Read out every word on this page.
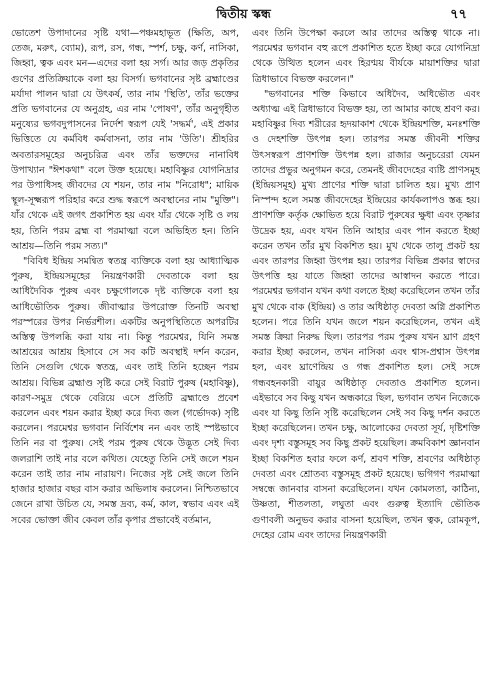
দ্বিতীয় স্কন্ধ	৭৭

ভোতেশ উপাদানের সৃষ্টি যথা—পঞ্চমহাভূত (ক্ষিতি, অপ, তেজ, মরুৎ, ব্যোম), রূপ, রস, গন্ধ, স্পর্শ, চক্ষু, কর্ণ, নাসিকা, জিহ্বা, ত্বক এবং মন—এদের বলা হয় সর্গ। আর জড় প্রকৃতির গুণের প্রতিক্রিয়াকে বলা হয় বিসর্গ। ভগবানের সৃষ্ট ব্রহ্মাণ্ডের মর্যাদা পালন দ্বারা যে উৎকর্ষ, তার নাম 'স্থিতি', তাঁর ভক্তের প্রতি ভগবানের যে অনুগ্রহ, এর নাম 'পোষণ', তাঁর অনুগৃহীত মনুষ্যের ভগবদুপাসনের নির্দেশ স্বরূপ যেই 'সদ্ধর্ম', এই প্রকার ভিত্তিতে যে কর্মবিধ কর্মবাসনা, তার নাম 'উতি'। শ্রীহরির অবতারসমূহের অনুচরিত্র এবং তাঁর ভক্তদের নানাবিধ উপাখ্যান "ঈশকথা" বলে উক্ত হয়েছে। মহাবিষ্ণুর যোগনিদ্রার পর উপাধিসহ জীবদের যে শয়ন, তার নাম "নিরোধ"; মায়িক স্থূল-সূক্ষ্মরূপ পরিহার করে শুদ্ধ স্বরূপে অবস্থানের নাম "মুক্তি"। যাঁর থেকে এই জগৎ প্রকাশিত হয় এবং যাঁর থেকে সৃষ্টি ও লয় হয়, তিনি পরম ব্রহ্ম বা পরমাত্মা বলে অভিহিত হন। তিনি আশ্রয়—তিনি পরম সত্য।"

"বিবিধ ইন্দ্রিয় সমন্বিত স্বতন্ত্র ব্যক্তিকে বলা হয় আধ্যাত্মিক পুরুষ, ইন্দ্রিয়সমূহের নিয়ন্ত্রণকারী দেবতাকে বলা হয় আধিদৈবিক পুরুষ এবং চক্ষুগোলকে দৃষ্ট ব্যক্তিকে বলা হয় আধিভৌতিক পুরুষ। জীবাত্মার উপরোক্ত তিনটি অবস্থা পরস্পরের উপর নির্ভরশীল। একটির অনুপস্থিতিতে অপরটির অস্তিত্ব উপলব্ধি করা যায় না। কিন্তু পরমেশ্বর, যিনি সমস্ত আশ্রয়ের আশ্রয় হিসাবে সে সব কটি অবস্থাই দর্শন করেন, তিনি সেগুলি থেকে স্বতন্ত্র, এবং তাই তিনি হচ্ছেন পরম আশ্রয়। বিভিন্ন ব্রহ্মাণ্ড সৃষ্টি করে সেই বিরাট পুরুষ (মহাবিষ্ণু), কারণ-সমুদ্র থেকে বেরিয়ে এসে প্রতিটি ব্রহ্মাণ্ডে প্রবেশ করলেন এবং শয়ন করার ইচ্ছা করে দিব্য জল (গর্ভোদক) সৃষ্টি করলেন। পরমেশ্বর ভগবান নির্বিশেষ নন এবং তাই স্পষ্টভাবে তিনি নর বা পুরুষ। সেই পরম পুরুষ থেকে উদ্ভূত সেই দিব্য জলরাশি তাই নার বলে কথিত। যেহেতু তিনি সেই জলে শয়ন করেন তাই তার নাম নারায়ণ। নিজের সৃষ্ট সেই জলে তিনি হাজার হাজার বছর বাস করার অভিলাষ করলেন। নিশ্চিতভাবে জেনে রাখা উচিত যে, সমস্ত দ্রব্য, কর্ম, কাল, স্বভাব এবং এই সবের ভোক্তা জীব কেবল তাঁর কৃপার প্রভাবেই বর্তমান,

এবং তিনি উপেক্ষা করলে আর তাদের অস্তিত্ব থাকে না। পরমেশ্বর ভগবান বহু রূপে প্রকাশিত হতে ইচ্ছা করে যোগনিদ্রা থেকে উত্থিত হলেন এবং হিরণ্ময় বীর্যকে মায়াশক্তির দ্বারা ত্রিধাভাবে বিভক্ত করলেন।"

"ভগবানের শক্তি কিভাবে অধিদৈব, অধিভৌত এবং অধ্যাত্ম এই ত্রিধাভাবে বিভক্ত হয়, তা আমার কাছে শ্রবণ কর। মহাবিষ্ণুর দিব্য শরীরের হৃদয়াকাশ থেকে ইন্দ্রিয়শক্তি, মনঃশক্তি ও দেহশক্তি উৎপন্ন হল। তারপর সমস্ত জীবনী শক্তির উৎসস্বরূপ প্রাণশক্তি উৎপন্ন হল। রাজার অনুচরেরা যেমন তাদের প্রভুর অনুগমন করে, তেমনই জীবদেহের ব্যষ্টি প্রাণসমূহ (ইন্দ্রিয়সমূহ) মুখ্য প্রাণের শক্তি দ্বারা চালিত হয়। মুখ্য প্রাণ নিস্পন্দ হলে সমস্ত জীবদেহের ইন্দ্রিয়ের কার্যকলাপও স্তব্ধ হয়। প্রাণশক্তি কর্তৃক ক্ষোভিত হয়ে বিরাট পুরুষের ক্ষুধা এবং তৃষ্ণার উদ্রেক হয়, এবং যখন তিনি আহার এবং পান করতে ইচ্ছা করেন তখন তাঁর মুখ বিকশিত হয়। মুখ থেকে তালু প্রকট হয় এবং তারপর জিহ্বা উৎপন্ন হয়। তারপর বিভিন্ন প্রকার স্বাদের উৎপত্তি হয় যাতে জিহ্বা তাদের আস্বাদন করতে পারে। পরমেশ্বর ভগবান যখন কথা বলতে ইচ্ছা করেছিলেন তখন তাঁর মুখ থেকে বাক (ইন্দ্রিয়) ও তার অধিষ্ঠাতৃ দেবতা অগ্নি প্রকাশিত হলেন। পরে তিনি যখন জলে শয়ন করেছিলেন, তখন এই সমস্ত ক্রিয়া নিরুদ্ধ ছিল। তারপর পরম পুরুষ যখন ঘ্রাণ গ্রহণ করার ইচ্ছা করলেন, তখন নাসিকা এবং শ্বাস-প্রশ্বাস উৎপন্ন হল, এবং ঘ্রাণেন্দ্রিয় ও গন্ধ প্রকাশিত হল। সেই সঙ্গে গন্ধবহনকারী বায়ুর অধিষ্ঠাতৃ দেবতাও প্রকাশিত হলেন। এইভাবে সব কিছু যখন অন্ধকারে ছিল, ভগবান তখন নিজেকে এবং যা কিছু তিনি সৃষ্টি করেছিলেন সেই সব কিছু দর্শন করতে ইচ্ছা করেছিলেন। তখন চক্ষু, আলোকের দেবতা সূর্য, দৃষ্টিশক্তি এবং দৃশ্য বস্তুসমূহ সব কিছু প্রকট হয়েছিল। ক্রমবিকাশ জ্ঞানবান ইচ্ছা বিকশিত হবার ফলে কর্ণ, শ্রবণ শক্তি, শ্রবণের অধিষ্ঠাতৃ দেবতা এবং শ্রোতব্য বস্তুসমূহ প্রকট হয়েছে। ভগিগণ পরমাত্মা সম্বন্ধে জানবার বাসনা করেছিলেন। যখন কোমলতা, কাঠিন্য, উষ্ণতা, শীতলতা, লঘুতা এবং গুরুত্ব ইত্যাদি ভৌতিক গুণাবলী অনুভব করার বাসনা হয়েছিল, তখন ত্বক, রোমকূপ, দেহের রোম এবং তাদের নিয়ন্ত্রণকারী
